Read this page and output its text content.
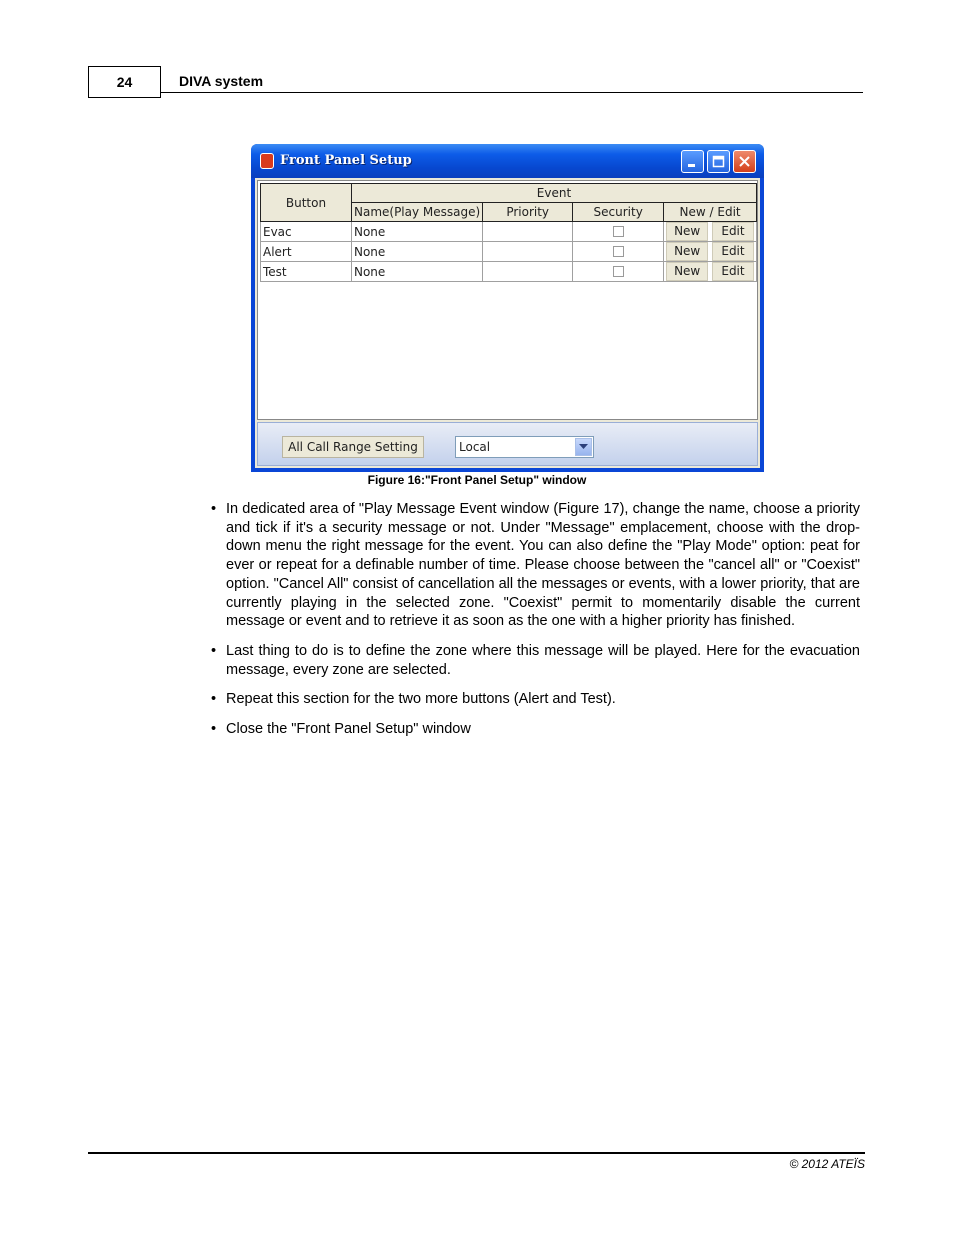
24	DIVA system
Front Panel Setup
Button	Event			
	Name(Play Message)	Priority	Security	New / Edit
Evac	None			New Edit
Alert	None			New Edit
Test	None			New Edit
All Call Range Setting	Local
Figure 16:"Front Panel Setup" window
• In dedicated area of "Play Message Event window (Figure 17), change the name, choose a priority and tick if it's a security message or not. Under "Message" emplacement, choose with the drop-down menu the right message for the event. You can also define the "Play Mode" option: peat for ever or repeat for a definable number of time. Please choose between the "cancel all" or "Coexist" option. "Cancel All" consist of cancellation all the messages or events, with a lower priority, that are currently playing in the selected zone. "Coexist" permit to momentarily disable the current message or event and to retrieve it as soon as the one with a higher priority has finished.
• Last thing to do is to define the zone where this message will be played. Here for the evacuation message, every zone are selected.
• Repeat this section for the two more buttons (Alert and Test).
• Close the "Front Panel Setup" window
© 2012 ATEÏS
